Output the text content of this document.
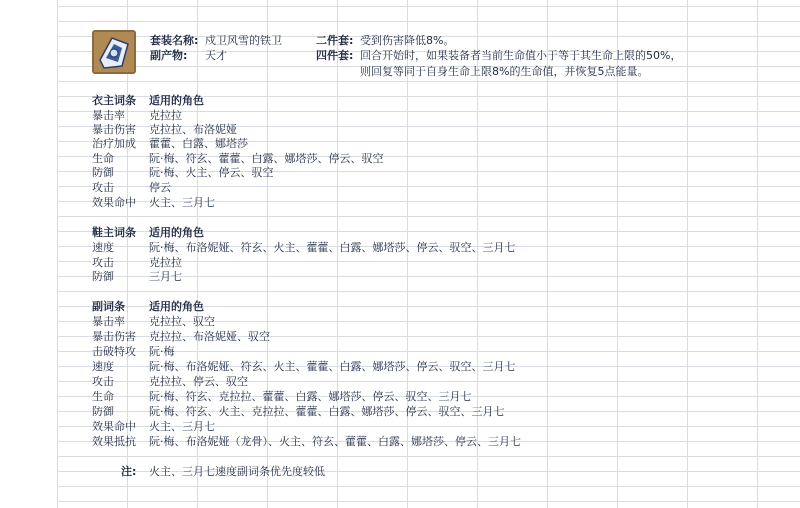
套装名称: 戍卫风雪的铁卫
副产物: 天才
二件套: 受到伤害降低8%。
四件套: 回合开始时，如果装备者当前生命值小于等于其生命上限的50%，
则回复等同于自身生命上限8%的生命值，并恢复5点能量。
衣主词条	适用的角色
暴击率	克拉拉
暴击伤害	克拉拉、布洛妮娅
治疗加成	藿藿、白露、娜塔莎
生命	阮·梅、符玄、藿藿、白露、娜塔莎、停云、驭空
防御	阮·梅、火主、停云、驭空
攻击	停云
效果命中	火主、三月七
鞋主词条	适用的角色
速度	阮·梅、布洛妮娅、符玄、火主、藿藿、白露、娜塔莎、停云、驭空、三月七
攻击	克拉拉
防御	三月七
副词条	适用的角色
暴击率	克拉拉、驭空
暴击伤害	克拉拉、布洛妮娅、驭空
击破特攻	阮·梅
速度	阮·梅、布洛妮娅、符玄、火主、藿藿、白露、娜塔莎、停云、驭空、三月七
攻击	克拉拉、停云、驭空
生命	阮·梅、符玄、克拉拉、藿藿、白露、娜塔莎、停云、驭空、三月七
防御	阮·梅、符玄、火主、克拉拉、藿藿、白露、娜塔莎、停云、驭空、三月七
效果命中	火主、三月七
效果抵抗	阮·梅、布洛妮娅（龙骨）、火主、符玄、藿藿、白露、娜塔莎、停云、三月七
注: 火主、三月七速度副词条优先度较低
